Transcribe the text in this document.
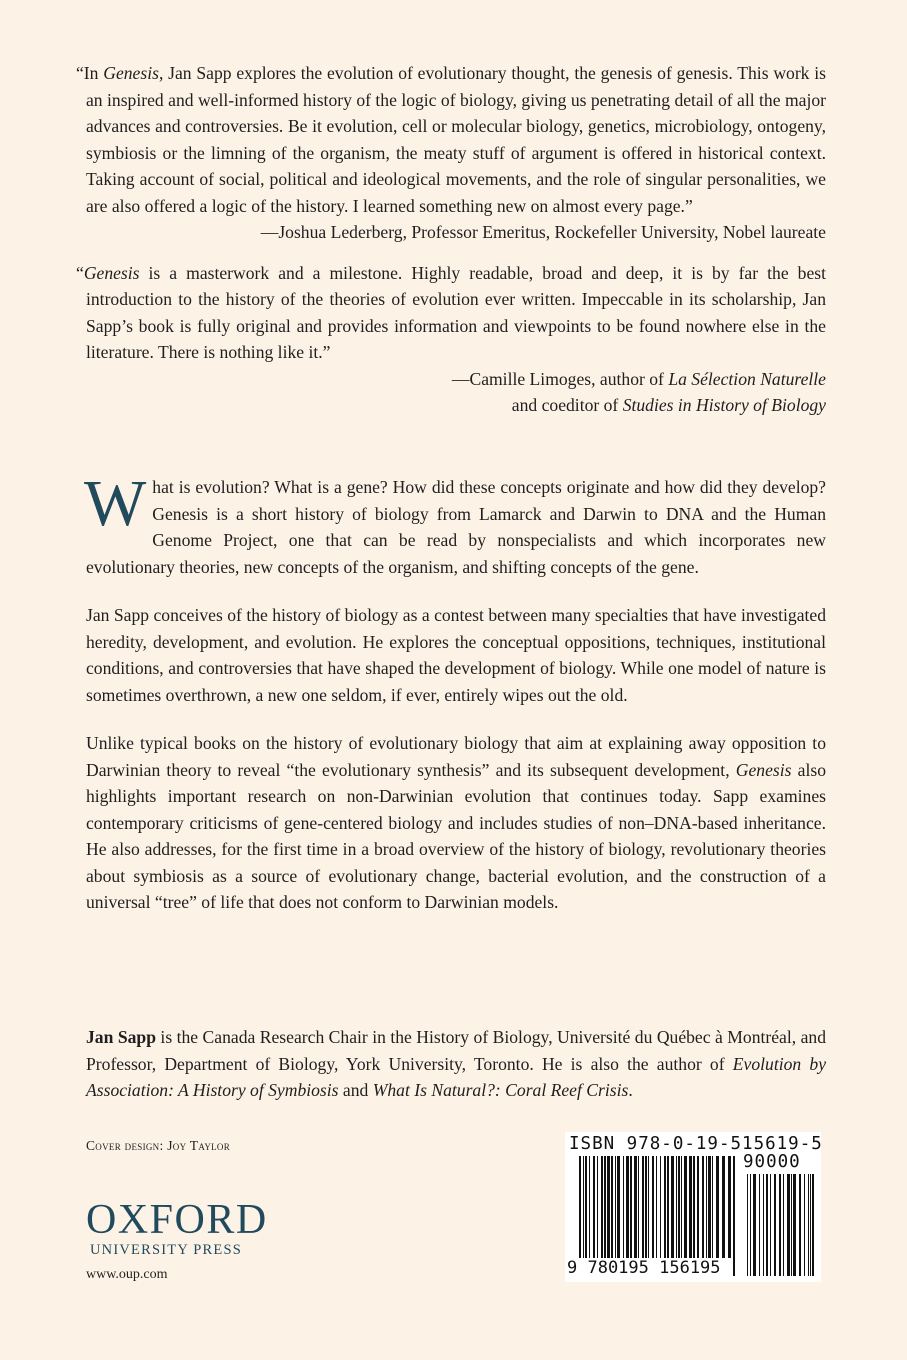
“In Genesis, Jan Sapp explores the evolution of evolutionary thought, the genesis of genesis. This work is an inspired and well-informed history of the logic of biology, giving us penetrating detail of all the major advances and controversies. Be it evolution, cell or molecular biology, genetics, microbiology, ontogeny, symbiosis or the limning of the organism, the meaty stuff of argument is offered in historical context. Taking account of social, political and ideological movements, and the role of singular personalities, we are also offered a logic of the history. I learned something new on almost every page.”
—Joshua Lederberg, Professor Emeritus, Rockefeller University, Nobel laureate

“Genesis is a masterwork and a milestone. Highly readable, broad and deep, it is by far the best introduction to the history of the theories of evolution ever written. Impeccable in its scholarship, Jan Sapp’s book is fully original and provides information and viewpoints to be found nowhere else in the literature. There is nothing like it.”
—Camille Limoges, author of La Sélection Naturelle
and coeditor of Studies in History of Biology

What is evolution? What is a gene? How did these concepts originate and how did they develop? Genesis is a short history of biology from Lamarck and Darwin to DNA and the Human Genome Project, one that can be read by nonspecialists and which incorporates new evolutionary theories, new concepts of the organism, and shifting concepts of the gene.

Jan Sapp conceives of the history of biology as a contest between many specialties that have investigated heredity, development, and evolution. He explores the conceptual oppositions, techniques, institutional conditions, and controversies that have shaped the development of biology. While one model of nature is sometimes overthrown, a new one seldom, if ever, entirely wipes out the old.

Unlike typical books on the history of evolutionary biology that aim at explaining away opposition to Darwinian theory to reveal “the evolutionary synthesis” and its subsequent development, Genesis also highlights important research on non-Darwinian evolution that continues today. Sapp examines contemporary criticisms of gene-centered biology and includes studies of non–DNA-based inheritance. He also addresses, for the first time in a broad overview of the history of biology, revolutionary theories about symbiosis as a source of evolutionary change, bacterial evolution, and the construction of a universal “tree” of life that does not conform to Darwinian models.

Jan Sapp is the Canada Research Chair in the History of Biology, Université du Québec à Montréal, and Professor, Department of Biology, York University, Toronto. He is also the author of Evolution by Association: A History of Symbiosis and What Is Natural?: Coral Reef Crisis.
Cover design: Joy Taylor
OXFORD
UNIVERSITY PRESS
www.oup.com
ISBN 978-0-19-515619-5
90000
9 780195 156195
